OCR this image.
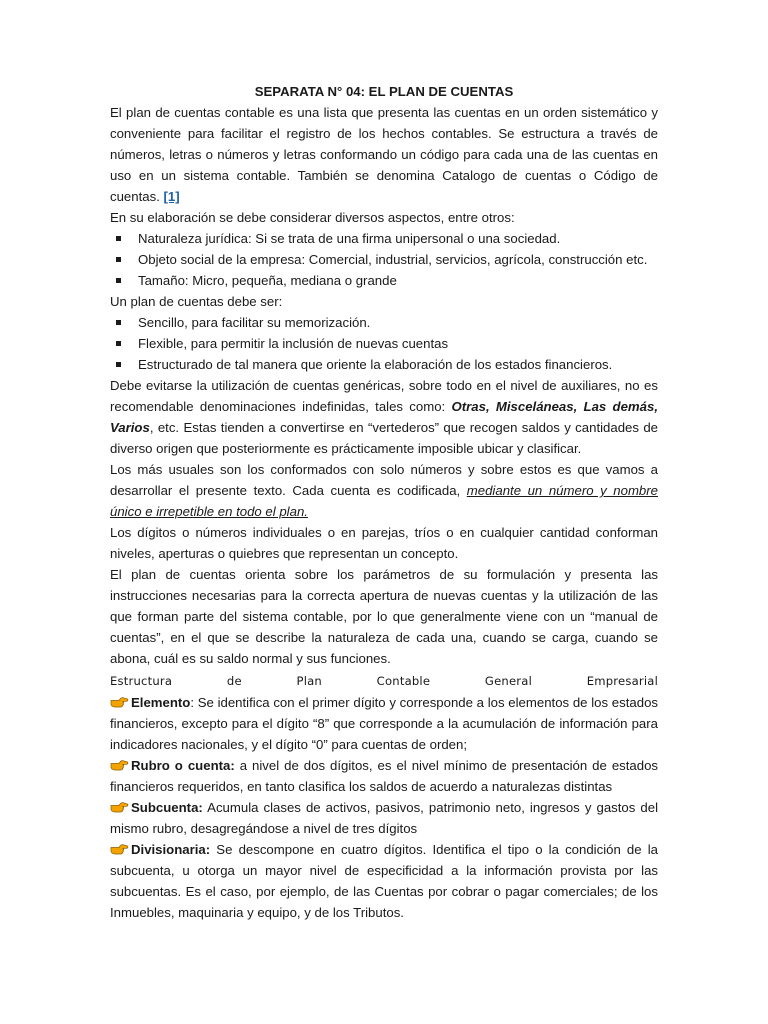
SEPARATA N° 04: EL PLAN DE CUENTAS
El plan de cuentas contable es una lista que presenta las cuentas en un orden sistemático y conveniente para facilitar el registro de los hechos contables. Se estructura a través de números, letras o números y letras conformando un código para cada una de las cuentas en uso en un sistema contable. También se denomina Catalogo de cuentas o Código de cuentas. [1]
En su elaboración se debe considerar diversos aspectos, entre otros:
Naturaleza jurídica: Si se trata de una firma unipersonal o una sociedad.
Objeto social de la empresa: Comercial, industrial, servicios, agrícola, construcción etc.
Tamaño: Micro, pequeña, mediana o grande
Un plan de cuentas debe ser:
Sencillo, para facilitar su memorización.
Flexible, para permitir la inclusión de nuevas cuentas
Estructurado de tal manera que oriente la elaboración de los estados financieros.
Debe evitarse la utilización de cuentas genéricas, sobre todo en el nivel de auxiliares, no es recomendable denominaciones indefinidas, tales como: Otras, Misceláneas, Las demás, Varios, etc. Estas tienden a convertirse en “vertederos” que recogen saldos y cantidades de diverso origen que posteriormente es prácticamente imposible ubicar y clasificar.
Los más usuales son los conformados con solo números y sobre estos es que vamos a desarrollar el presente texto. Cada cuenta es codificada, mediante un número y nombre único e irrepetible en todo el plan.
Los dígitos o números individuales o en parejas, tríos o en cualquier cantidad conforman niveles, aperturas o quiebres que representan un concepto.
El plan de cuentas orienta sobre los parámetros de su formulación y presenta las instrucciones necesarias para la correcta apertura de nuevas cuentas y la utilización de las que forman parte del sistema contable, por lo que generalmente viene con un “manual de cuentas”, en el que se describe la naturaleza de cada una, cuando se carga, cuando se abona, cuál es su saldo normal y sus funciones.
Estructura de Plan Contable General Empresarial
Elemento: Se identifica con el primer dígito y corresponde a los elementos de los estados financieros, excepto para el dígito “8” que corresponde a la acumulación de información para indicadores nacionales, y el dígito “0” para cuentas de orden;
Rubro o cuenta: a nivel de dos dígitos, es el nivel mínimo de presentación de estados financieros requeridos, en tanto clasifica los saldos de acuerdo a naturalezas distintas
Subcuenta: Acumula clases de activos, pasivos, patrimonio neto, ingresos y gastos del mismo rubro, desagregándose a nivel de tres dígitos
Divisionaria: Se descompone en cuatro dígitos. Identifica el tipo o la condición de la subcuenta, u otorga un mayor nivel de especificidad a la información provista por las subcuentas. Es el caso, por ejemplo, de las Cuentas por cobrar o pagar comerciales; de los Inmuebles, maquinaria y equipo, y de los Tributos.
